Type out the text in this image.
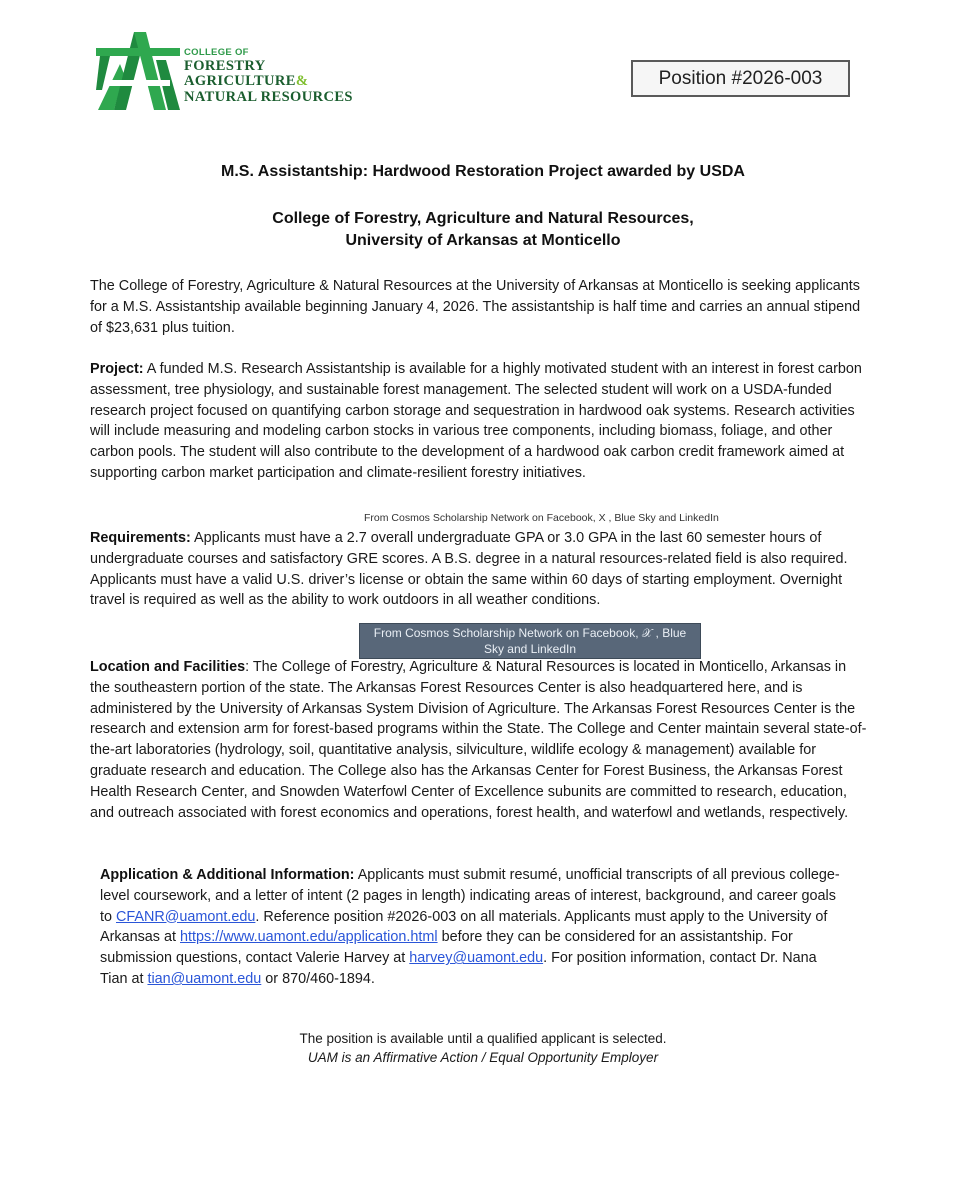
COLLEGE OF
FORESTRY
AGRICULTURE&
NATURAL RESOURCES
Position #2026-003
M.S. Assistantship: Hardwood Restoration Project awarded by USDA
College of Forestry, Agriculture and Natural Resources,
University of Arkansas at Monticello
The College of Forestry, Agriculture & Natural Resources at the University of Arkansas at Monticello is seeking applicants for a M.S. Assistantship available beginning January 4, 2026. The assistantship is half time and carries an annual stipend of $23,631 plus tuition.
Project: A funded M.S. Research Assistantship is available for a highly motivated student with an interest in forest carbon assessment, tree physiology, and sustainable forest management. The selected student will work on a USDA-funded research project focused on quantifying carbon storage and sequestration in hardwood oak systems. Research activities will include measuring and modeling carbon stocks in various tree components, including biomass, foliage, and other carbon pools. The student will also contribute to the development of a hardwood oak carbon credit framework aimed at supporting carbon market participation and climate-resilient forestry initiatives.
From Cosmos Scholarship Network on Facebook, X , Blue Sky and LinkedIn
Requirements: Applicants must have a 2.7 overall undergraduate GPA or 3.0 GPA in the last 60 semester hours of undergraduate courses and satisfactory GRE scores. A B.S. degree in a natural resources-related field is also required. Applicants must have a valid U.S. driver’s license or obtain the same within 60 days of starting employment. Overnight travel is required as well as the ability to work outdoors in all weather conditions.
Location and Facilities: The College of Forestry, Agriculture & Natural Resources is located in Monticello, Arkansas in the southeastern portion of the state. The Arkansas Forest Resources Center is also headquartered here, and is administered by the University of Arkansas System Division of Agriculture. The Arkansas Forest Resources Center is the research and extension arm for forest-based programs within the State. The College and Center maintain several state-of-the-art laboratories (hydrology, soil, quantitative analysis, silviculture, wildlife ecology & management) available for graduate research and education. The College also has the Arkansas Center for Forest Business, the Arkansas Forest Health Research Center, and Snowden Waterfowl Center of Excellence subunits are committed to research, education, and outreach associated with forest economics and operations, forest health, and waterfowl and wetlands, respectively.
From Cosmos Scholarship Network on Facebook, 𝒳 , Blue Sky and LinkedIn
Application & Additional Information: Applicants must submit resumé, unofficial transcripts of all previous college-level coursework, and a letter of intent (2 pages in length) indicating areas of interest, background, and career goals to CFANR@uamont.edu. Reference position #2026-003 on all materials. Applicants must apply to the University of Arkansas at https://www.uamont.edu/application.html before they can be considered for an assistantship. For submission questions, contact Valerie Harvey at harvey@uamont.edu. For position information, contact Dr. Nana Tian at tian@uamont.edu or 870/460-1894.
The position is available until a qualified applicant is selected.
UAM is an Affirmative Action / Equal Opportunity Employer
